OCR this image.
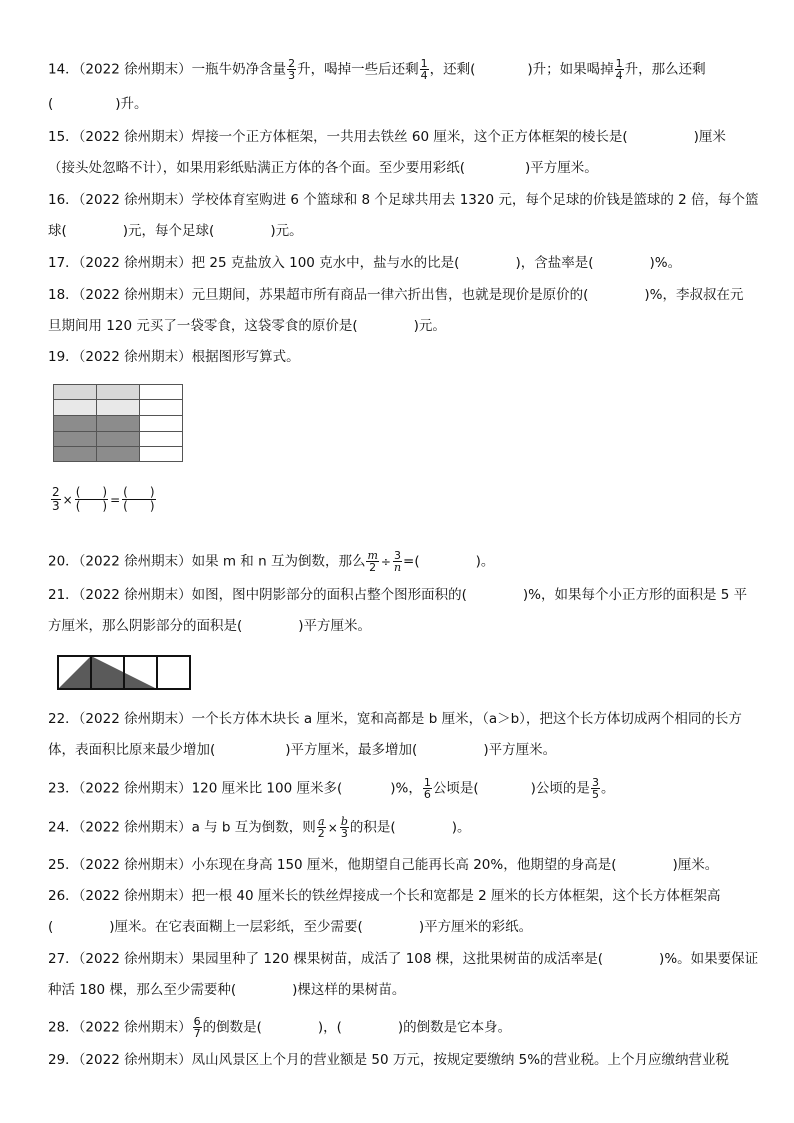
14．（2022 徐州期末）一瓶牛奶净含量 $\frac{2}{3}$ 升，喝掉一些后还剩 $\frac{1}{4}$ ，还剩(	)升；如果喝掉 $\frac{1}{4}$ 升，那么还剩
(	)升。
15．（2022 徐州期末）焊接一个正方体框架，一共用去铁丝 60 厘米，这个正方体框架的棱长是(	)厘米
（接头处忽略不计），如果用彩纸贴满正方体的各个面。至少要用彩纸(	)平方厘米。
16．（2022 徐州期末）学校体育室购进 6 个篮球和 8 个足球共用去 1320 元，每个足球的价钱是篮球的 2 倍，每个篮
球(	)元，每个足球(	)元。
17．（2022 徐州期末）把 25 克盐放入 100 克水中，盐与水的比是(	)，含盐率是(	)%。
18．（2022 徐州期末）元旦期间，苏果超市所有商品一律六折出售，也就是现价是原价的(	)%，李叔叔在元
旦期间用 120 元买了一袋零食，这袋零食的原价是(	)元。
19．（2022 徐州期末）根据图形写算式。
$\frac{2}{3} \times \frac{( )}{( )} = \frac{( )}{( )}$
20．（2022 徐州期末）如果 m 和 n 互为倒数，那么 $\frac{m}{2} \div \frac{3}{n}$ =(	)。
21．（2022 徐州期末）如图，图中阴影部分的面积占整个图形面积的(	)%，如果每个小正方形的面积是 5 平
方厘米，那么阴影部分的面积是(	)平方厘米。
22．（2022 徐州期末）一个长方体木块长 a 厘米，宽和高都是 b 厘米，（a＞b），把这个长方体切成两个相同的长方
体，表面积比原来最少增加(	)平方厘米，最多增加(	)平方厘米。
23．（2022 徐州期末）120 厘米比 100 厘米多(	)%， $\frac{1}{6}$ 公顷是(	)公顷的是 $\frac{3}{5}$ 。
24．（2022 徐州期末）a 与 b 互为倒数，则 $\frac{a}{2} \times \frac{b}{3}$ 的积是(	)。
25．（2022 徐州期末）小东现在身高 150 厘米，他期望自己能再长高 20%，他期望的身高是(	)厘米。
26．（2022 徐州期末）把一根 40 厘米长的铁丝焊接成一个长和宽都是 2 厘米的长方体框架，这个长方体框架高
(	)厘米。在它表面糊上一层彩纸，至少需要(	)平方厘米的彩纸。
27．（2022 徐州期末）果园里种了 120 棵果树苗，成活了 108 棵，这批果树苗的成活率是(	)%。如果要保证
种活 180 棵，那么至少需要种(	)棵这样的果树苗。
28．（2022 徐州期末） $\frac{6}{7}$ 的倒数是(	)，(	)的倒数是它本身。
29．（2022 徐州期末）凤山风景区上个月的营业额是 50 万元，按规定要缴纳 5%的营业税。上个月应缴纳营业税
